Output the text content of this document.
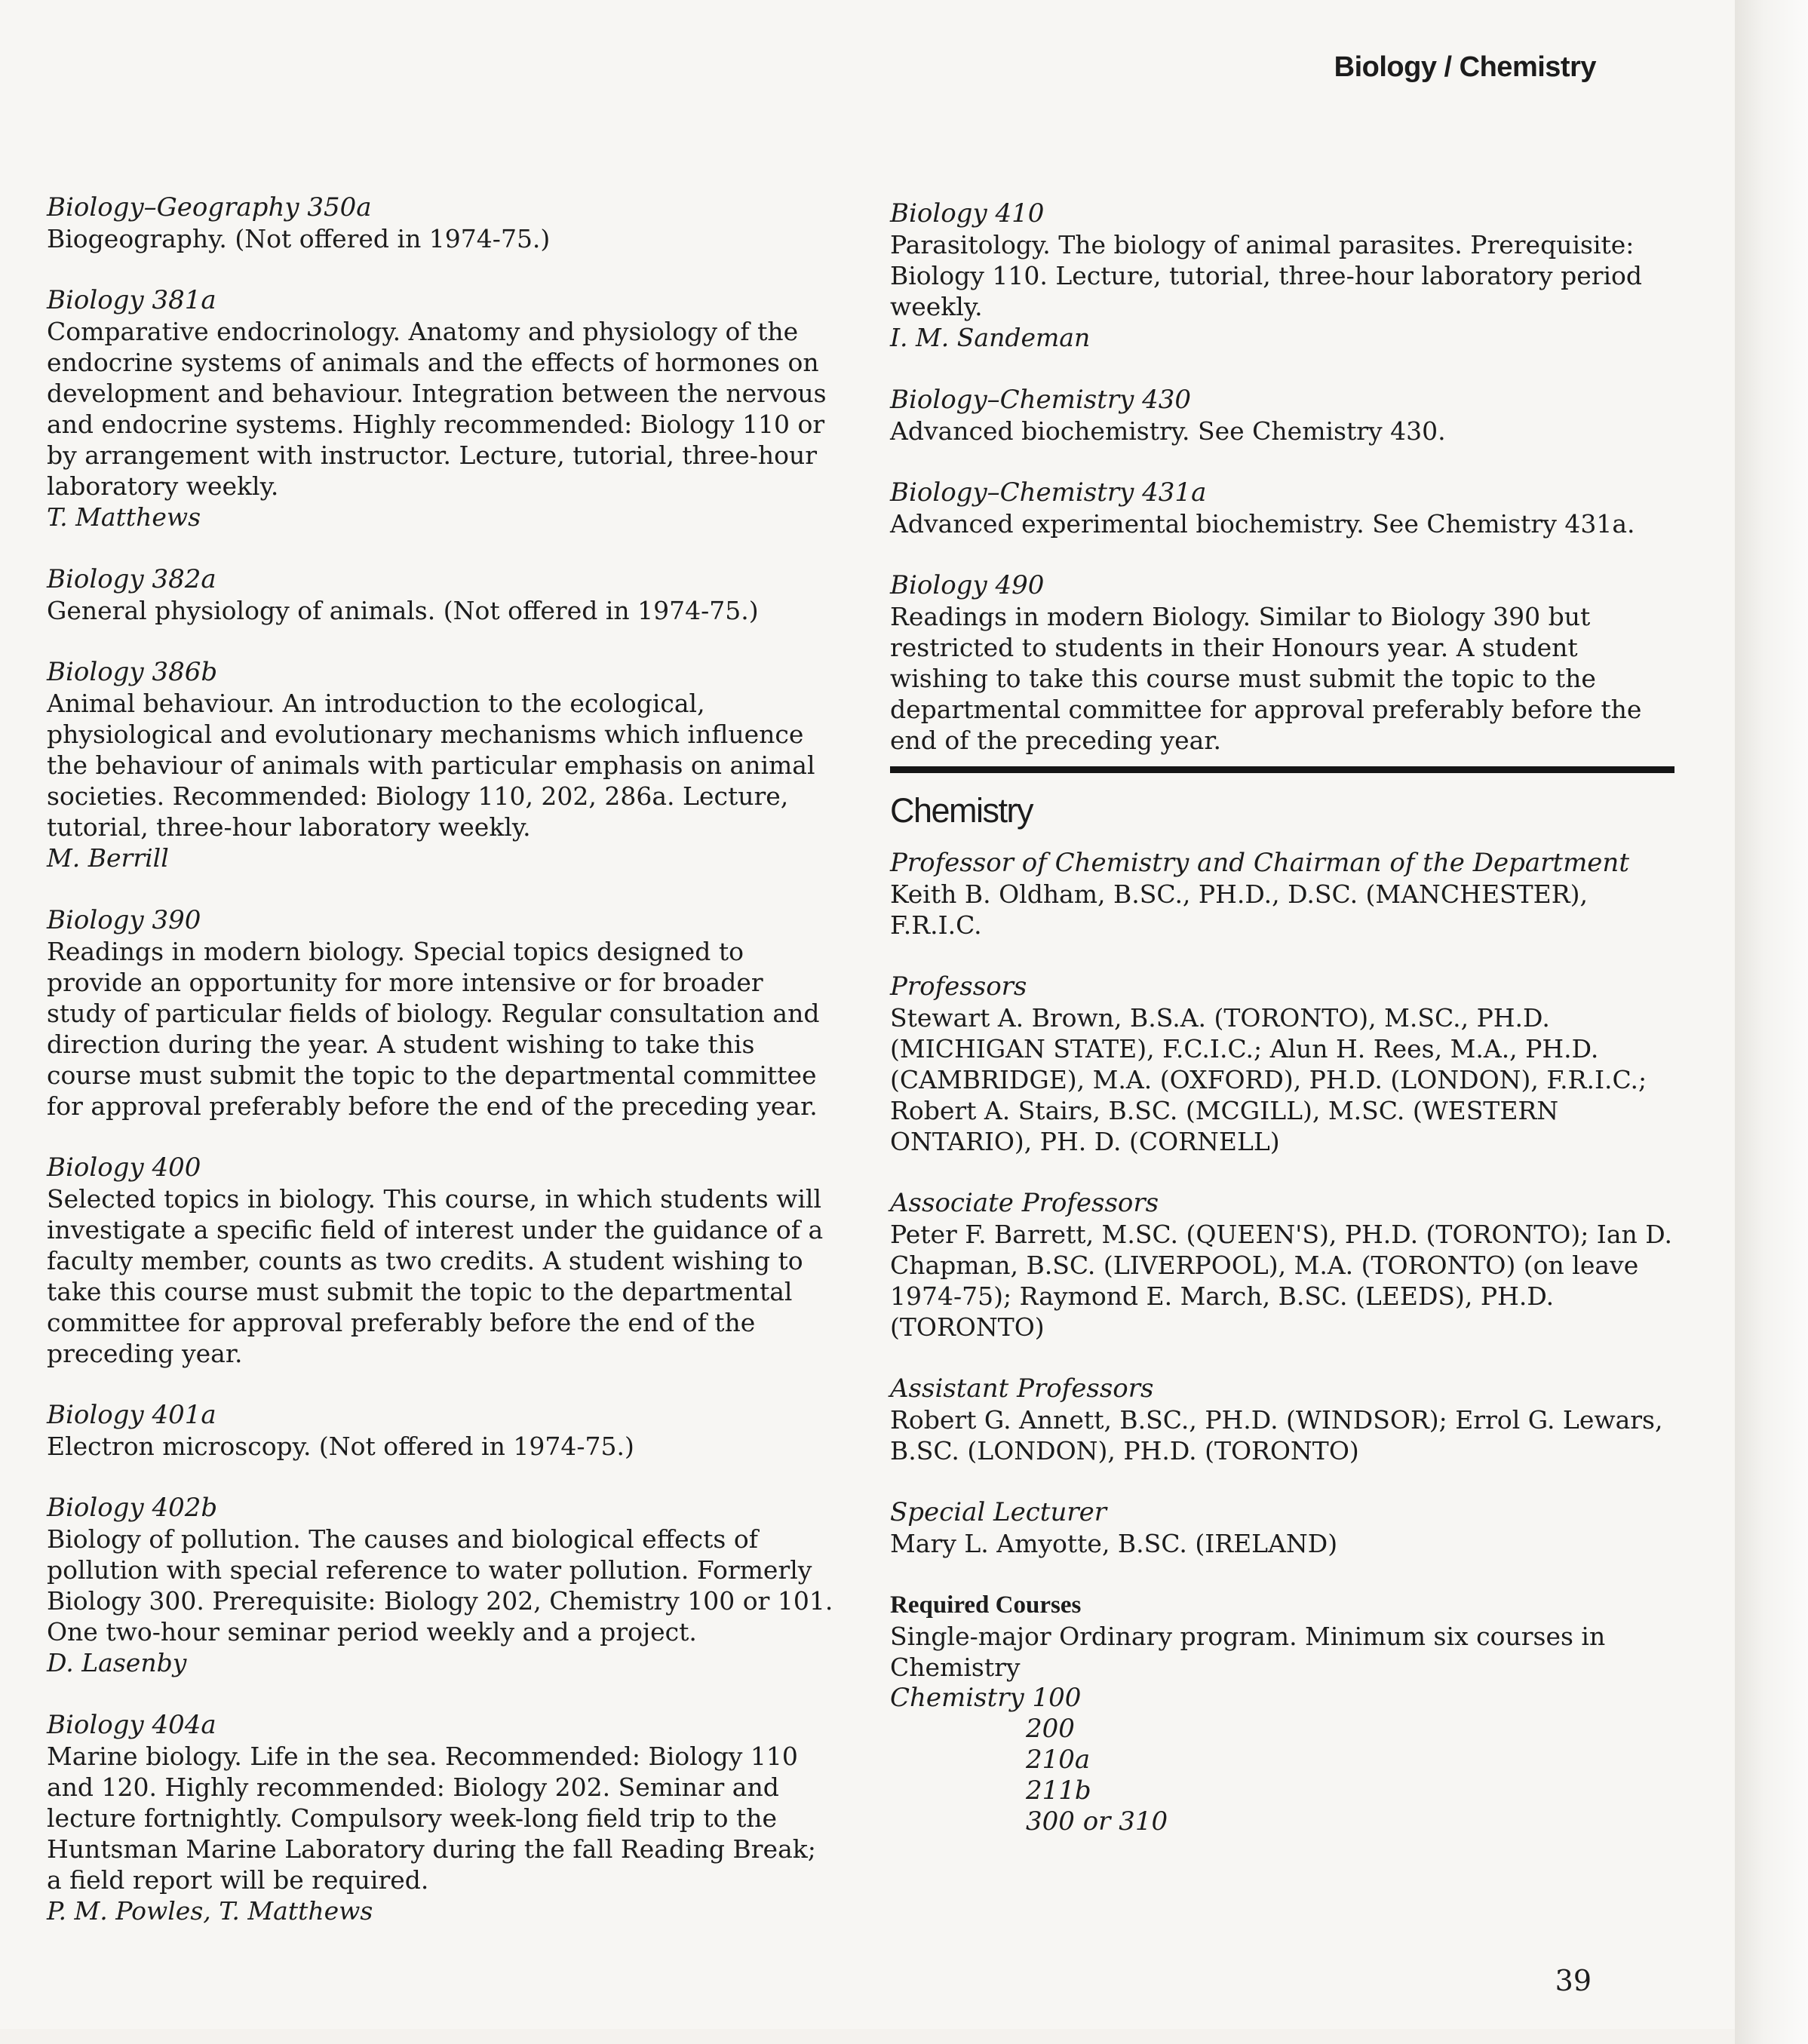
Biology / Chemistry
Biology–Geography 350a
Biogeography. (Not offered in 1974-75.)
Biology 381a
Comparative endocrinology. Anatomy and physiology of the endocrine systems of animals and the effects of hormones on development and behaviour. Integration between the nervous and endocrine systems. Highly recommended: Biology 110 or by arrangement with instructor. Lecture, tutorial, three-hour laboratory weekly.
T. Matthews
Biology 382a
General physiology of animals. (Not offered in 1974-75.)
Biology 386b
Animal behaviour. An introduction to the ecological, physiological and evolutionary mechanisms which influence the behaviour of animals with particular emphasis on animal societies. Recommended: Biology 110, 202, 286a. Lecture, tutorial, three-hour laboratory weekly.
M. Berrill
Biology 390
Readings in modern biology. Special topics designed to provide an opportunity for more intensive or for broader study of particular fields of biology. Regular consultation and direction during the year. A student wishing to take this course must submit the topic to the departmental committee for approval preferably before the end of the preceding year.
Biology 400
Selected topics in biology. This course, in which students will investigate a specific field of interest under the guidance of a faculty member, counts as two credits. A student wishing to take this course must submit the topic to the departmental committee for approval preferably before the end of the preceding year.
Biology 401a
Electron microscopy. (Not offered in 1974-75.)
Biology 402b
Biology of pollution. The causes and biological effects of pollution with special reference to water pollution. Formerly Biology 300. Prerequisite: Biology 202, Chemistry 100 or 101. One two-hour seminar period weekly and a project.
D. Lasenby
Biology 404a
Marine biology. Life in the sea. Recommended: Biology 110 and 120. Highly recommended: Biology 202. Seminar and lecture fortnightly. Compulsory week-long field trip to the Huntsman Marine Laboratory during the fall Reading Break; a field report will be required.
P. M. Powles, T. Matthews
Biology 410
Parasitology. The biology of animal parasites. Prerequisite: Biology 110. Lecture, tutorial, three-hour laboratory period weekly.
I. M. Sandeman
Biology–Chemistry 430
Advanced biochemistry. See Chemistry 430.
Biology–Chemistry 431a
Advanced experimental biochemistry. See Chemistry 431a.
Biology 490
Readings in modern Biology. Similar to Biology 390 but restricted to students in their Honours year. A student wishing to take this course must submit the topic to the departmental committee for approval preferably before the end of the preceding year.
Chemistry
Professor of Chemistry and Chairman of the Department
Keith B. Oldham, B.SC., PH.D., D.SC. (MANCHESTER), F.R.I.C.
Professors
Stewart A. Brown, B.S.A. (TORONTO), M.SC., PH.D. (MICHIGAN STATE), F.C.I.C.; Alun H. Rees, M.A., PH.D. (CAMBRIDGE), M.A. (OXFORD), PH.D. (LONDON), F.R.I.C.; Robert A. Stairs, B.SC. (MCGILL), M.SC. (WESTERN ONTARIO), PH. D. (CORNELL)
Associate Professors
Peter F. Barrett, M.SC. (QUEEN'S), PH.D. (TORONTO); Ian D. Chapman, B.SC. (LIVERPOOL), M.A. (TORONTO) (on leave 1974-75); Raymond E. March, B.SC. (LEEDS), PH.D. (TORONTO)
Assistant Professors
Robert G. Annett, B.SC., PH.D. (WINDSOR); Errol G. Lewars, B.SC. (LONDON), PH.D. (TORONTO)
Special Lecturer
Mary L. Amyotte, B.SC. (IRELAND)
Required Courses
Single-major Ordinary program. Minimum six courses in Chemistry
Chemistry 100
200
210a
211b
300 or 310
39
